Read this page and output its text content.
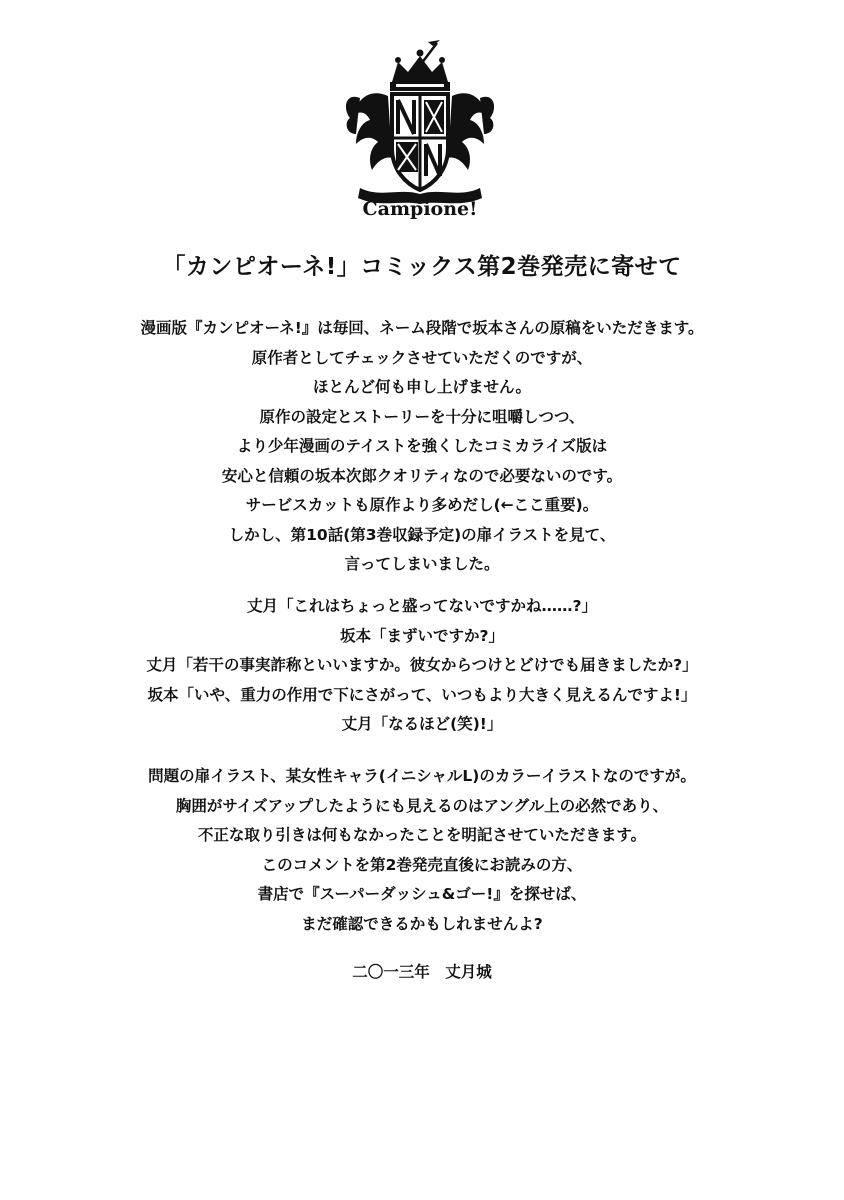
Campione!
「カンピオーネ!」コミックス第2巻発売に寄せて
漫画版『カンピオーネ!』は毎回、ネーム段階で坂本さんの原稿をいただきます。
原作者としてチェックさせていただくのですが、
ほとんど何も申し上げません。
原作の設定とストーリーを十分に咀嚼しつつ、
より少年漫画のテイストを強くしたコミカライズ版は
安心と信頼の坂本次郎クオリティなので必要ないのです。
サービスカットも原作より多めだし(←ここ重要)。
しかし、第10話(第3巻収録予定)の扉イラストを見て、
言ってしまいました。
丈月「これはちょっと盛ってないですかね……?」
坂本「まずいですか?」
丈月「若干の事実詐称といいますか。彼女からつけとどけでも届きましたか?」
坂本「いや、重力の作用で下にさがって、いつもより大きく見えるんですよ!」
丈月「なるほど(笑)!」
問題の扉イラスト、某女性キャラ(イニシャルL)のカラーイラストなのですが。
胸囲がサイズアップしたようにも見えるのはアングル上の必然であり、
不正な取り引きは何もなかったことを明記させていただきます。
このコメントを第2巻発売直後にお読みの方、
書店で『スーパーダッシュ&ゴー!』を探せば、
まだ確認できるかもしれませんよ?
二〇一三年　丈月城
